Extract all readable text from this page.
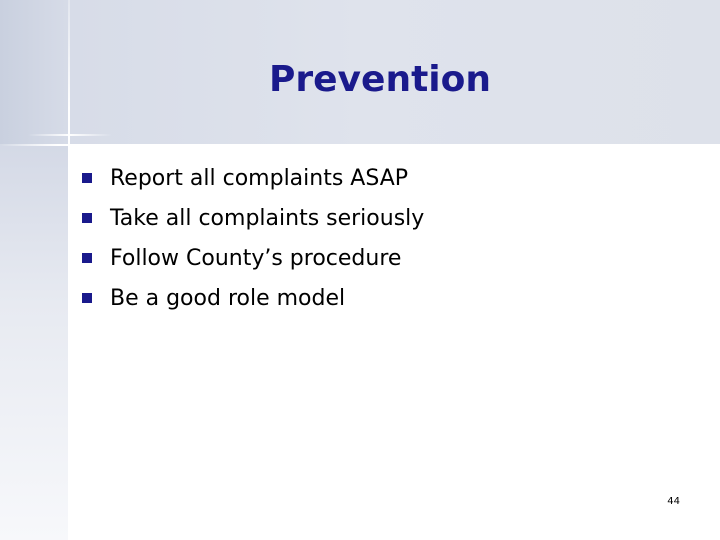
Prevention
Report all complaints ASAP
Take all complaints seriously
Follow County’s procedure
Be a good role model
44
